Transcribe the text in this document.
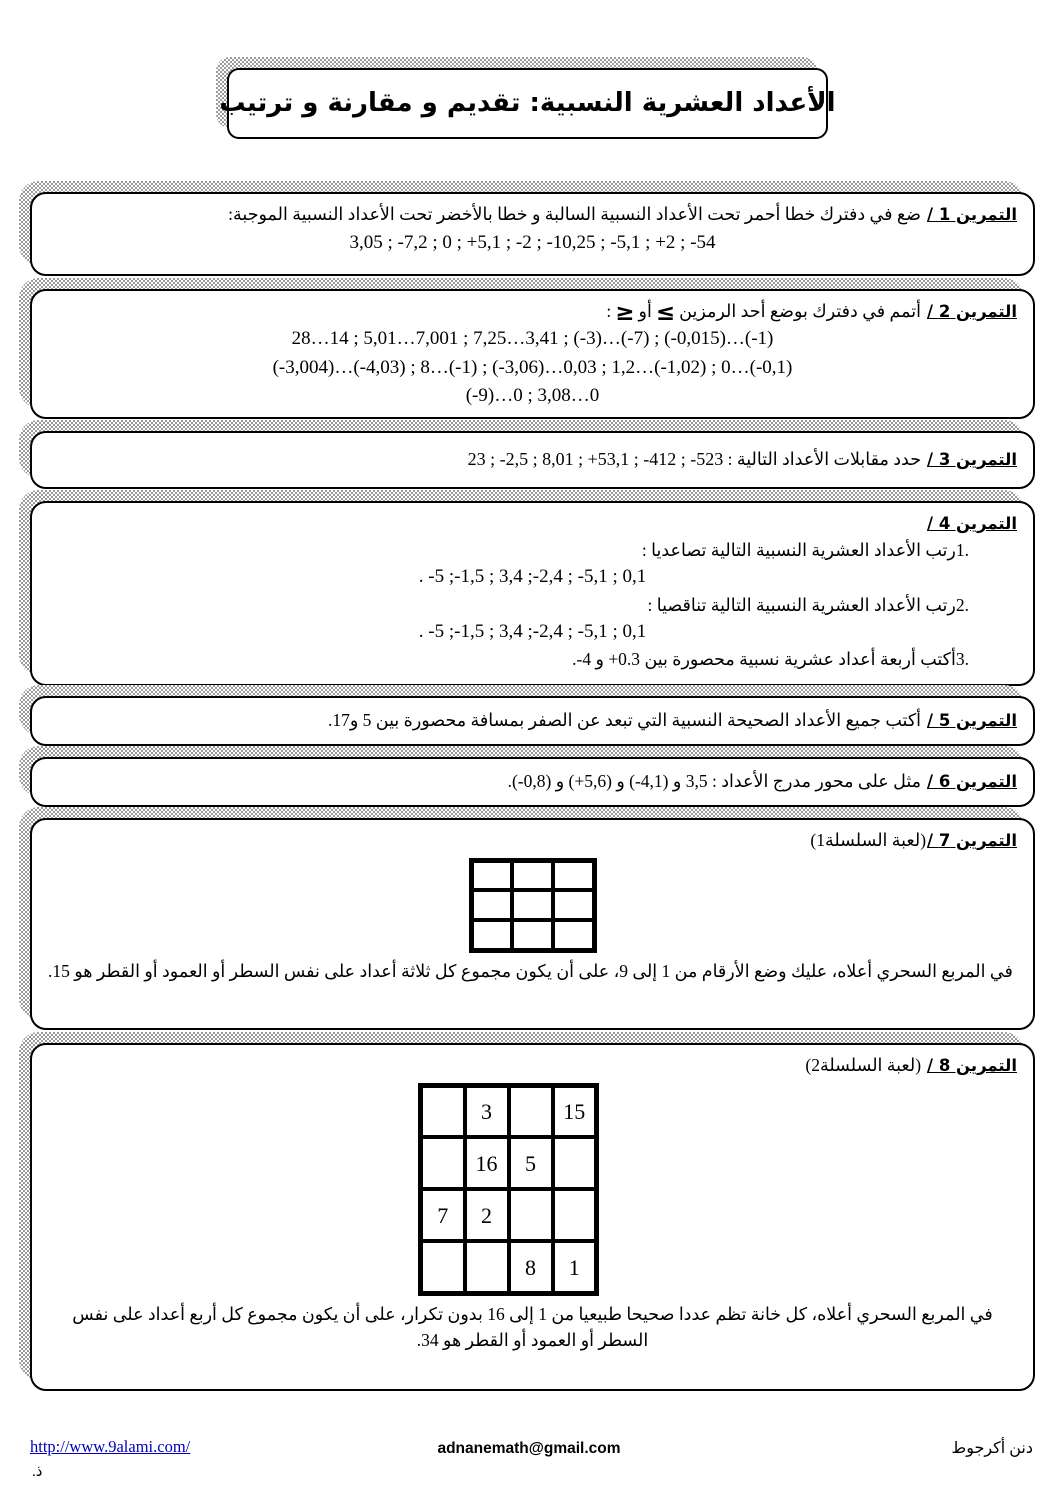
الأعداد العشرية النسبية: تقديم و مقارنة و ترتيب

التمرين 1 /ضع في دفترك خطا أحمر تحت الأعداد النسبية السالبة و خطا بالأخضر تحت الأعداد النسبية الموجبة:

3,05 ; -7,2 ; 0 ; +5,1 ; -2 ; -10,25 ; -5,1 ; +2 ; -54

التمرين 2 /أتمم في دفترك بوضع أحد الرمزين≤أو≥:

28…14 ; 5,01…7,001 ; 7,25…3,41 ; (-3)…(-7) ; (-0,015)…(-1)

(-3,004)…(-4,03) ; 8…(-1) ; (-3,06)…0,03 ; 1,2…(-1,02) ; 0…(-0,1)

(-9)…0 ; 3,08…0

التمرين 3 /حدد مقابلات الأعداد التالية : 23 ; -2,5 ; 8,01 ; +53,1 ; -412 ; -523

التمرين 4 /

1.رتب الأعداد العشرية النسبية التالية تصاعديا :

. -5 ;-1,5 ; 3,4 ;-2,4 ; -5,1 ; 0,1

2.رتب الأعداد العشرية النسبية التالية تناقصيا :

. -5 ;-1,5 ; 3,4 ;-2,4 ; -5,1 ; 0,1

3.أكتب أربعة أعداد عشرية نسبية محصورة بين ⁦+0.3⁩ و ⁦-4⁩.

التمرين 5 /أكتب جميع الأعداد الصحيحة النسبية التي تبعد عن الصفر بمسافة محصورة بين 5 و17.

التمرين 6 /مثل على محور مدرج الأعداد : 3,5 و ⁦(-4,1)⁩ و ⁦(+5,6)⁩ و ⁦(-0,8)⁩.

التمرين 7 /(لعبة السلسلة1)

في المربع السحري أعلاه، عليك وضع الأرقام من 1 إلى 9، على أن يكون مجموع كل ثلاثة أعداد على نفس السطر أو العمود أو القطر هو 15.

التمرين 8 /(لعبة السلسلة2)

15		3	
	5	16	
		2	7
1	8		

في المربع السحري أعلاه، كل خانة تظم عددا صحيحا طبيعيا من 1 إلى 16 بدون تكرار، على أن يكون مجموع كل أربع أعداد على نفس السطر أو العمود أو القطر هو 34.

http://www.9alami.com/
ذ.
adnanemath@gmail.com	دنن أكرجوط
